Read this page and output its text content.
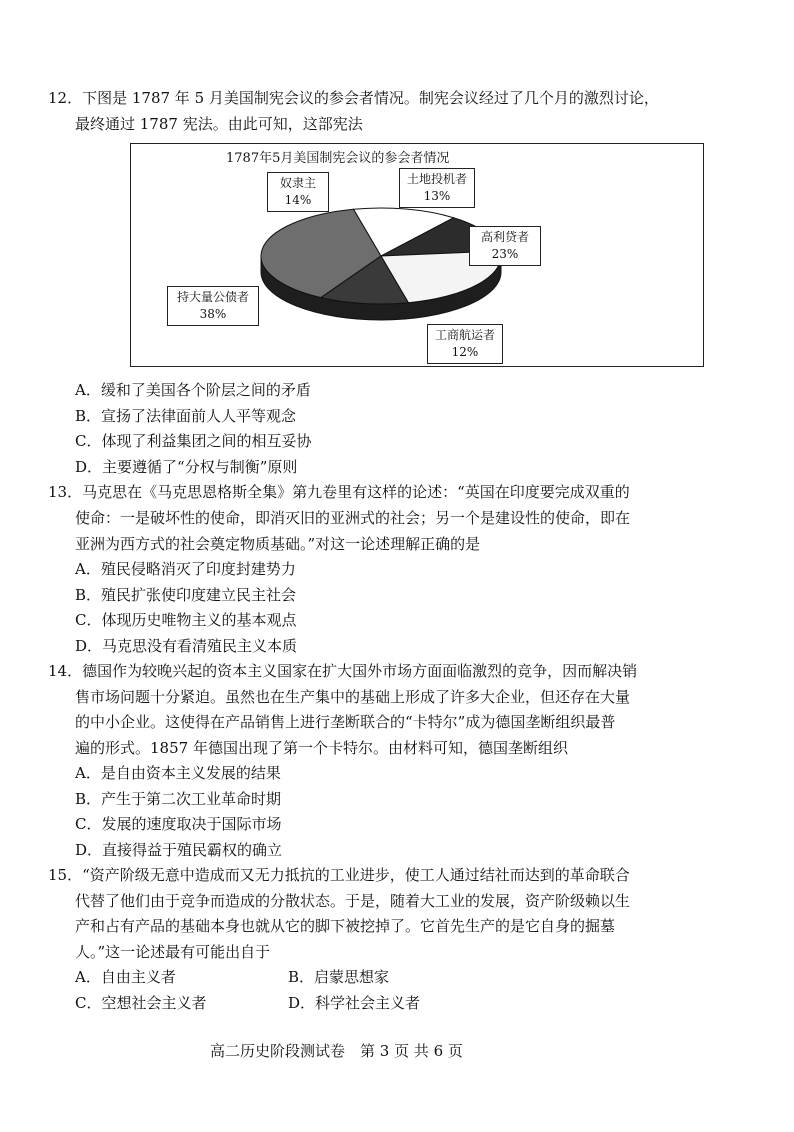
12．下图是 1787 年 5 月美国制宪会议的参会者情况。制宪会议经过了几个月的激烈讨论，
最终通过 1787 宪法。由此可知，这部宪法
1787年5月美国制宪会议的参会者情况
奴隶主
14%
土地投机者
13%
高利贷者
23%
持大量公债者
38%
工商航运者
12%
A．缓和了美国各个阶层之间的矛盾
B．宣扬了法律面前人人平等观念
C．体现了利益集团之间的相互妥协
D．主要遵循了“分权与制衡”原则
13．马克思在《马克思恩格斯全集》第九卷里有这样的论述：“英国在印度要完成双重的
使命：一是破坏性的使命，即消灭旧的亚洲式的社会；另一个是建设性的使命，即在
亚洲为西方式的社会奠定物质基础。”对这一论述理解正确的是
A．殖民侵略消灭了印度封建势力
B．殖民扩张使印度建立民主社会
C．体现历史唯物主义的基本观点
D．马克思没有看清殖民主义本质
14．德国作为较晚兴起的资本主义国家在扩大国外市场方面面临激烈的竞争，因而解决销
售市场问题十分紧迫。虽然也在生产集中的基础上形成了许多大企业，但还存在大量
的中小企业。这使得在产品销售上进行垄断联合的“卡特尔”成为德国垄断组织最普
遍的形式。1857 年德国出现了第一个卡特尔。由材料可知，德国垄断组织
A．是自由资本主义发展的结果
B．产生于第二次工业革命时期
C．发展的速度取决于国际市场
D．直接得益于殖民霸权的确立
15．“资产阶级无意中造成而又无力抵抗的工业进步，使工人通过结社而达到的革命联合
代替了他们由于竞争而造成的分散状态。于是，随着大工业的发展，资产阶级赖以生
产和占有产品的基础本身也就从它的脚下被挖掉了。它首先生产的是它自身的掘墓
人。”这一论述最有可能出自于
A．自由主义者	B．启蒙思想家
C．空想社会主义者	D．科学社会主义者
高二历史阶段测试卷　第 3 页 共 6 页
